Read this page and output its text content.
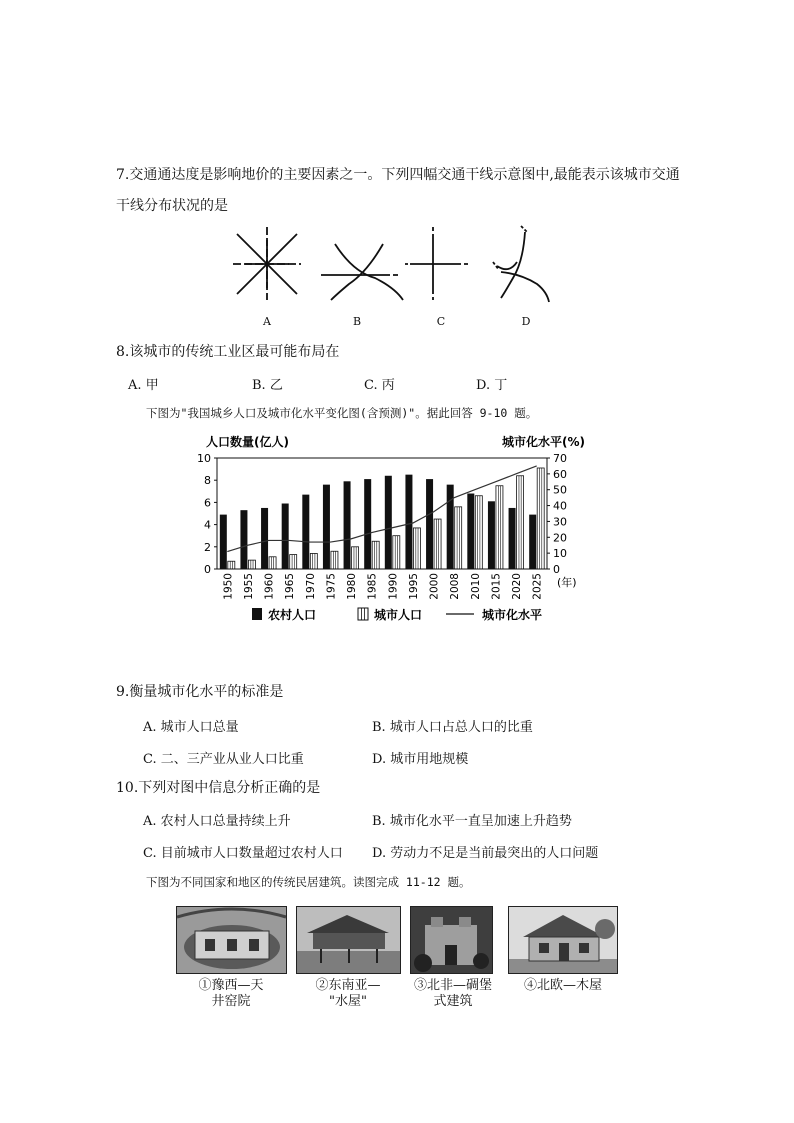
7.交通通达度是影响地价的主要因素之一。下列四幅交通干线示意图中,最能表示该城市交通
干线分布状况的是
A	B	C	D
8.该城市的传统工业区最可能布局在
A. 甲	B. 乙	C. 丙	D. 丁
下图为"我国城乡人口及城市化水平变化图(含预测)"。据此回答 9-10 题。
人口数量(亿人)	城市化水平(%)
(年)
0
2
4
6
8
10
0
10
20
30
40
50
60
70
1950 1955 1960 1965 1970 1975 1980 1985 1990 1995 2000 2008 2010 2015 2020 2025
农村人口	城市人口	城市化水平
9.衡量城市化水平的标准是
A. 城市人口总量	B. 城市人口占总人口的比重
C. 二、三产业从业人口比重	D. 城市用地规模
10.下列对图中信息分析正确的是
A. 农村人口总量持续上升	B. 城市化水平一直呈加速上升趋势
C. 目前城市人口数量超过农村人口 D. 劳动力不足是当前最突出的人口问题
下图为不同国家和地区的传统民居建筑。读图完成 11-12 题。
①豫西—天
井窑院
②东南亚—
"水屋"
③北非—碉堡
式建筑
④北欧—木屋
